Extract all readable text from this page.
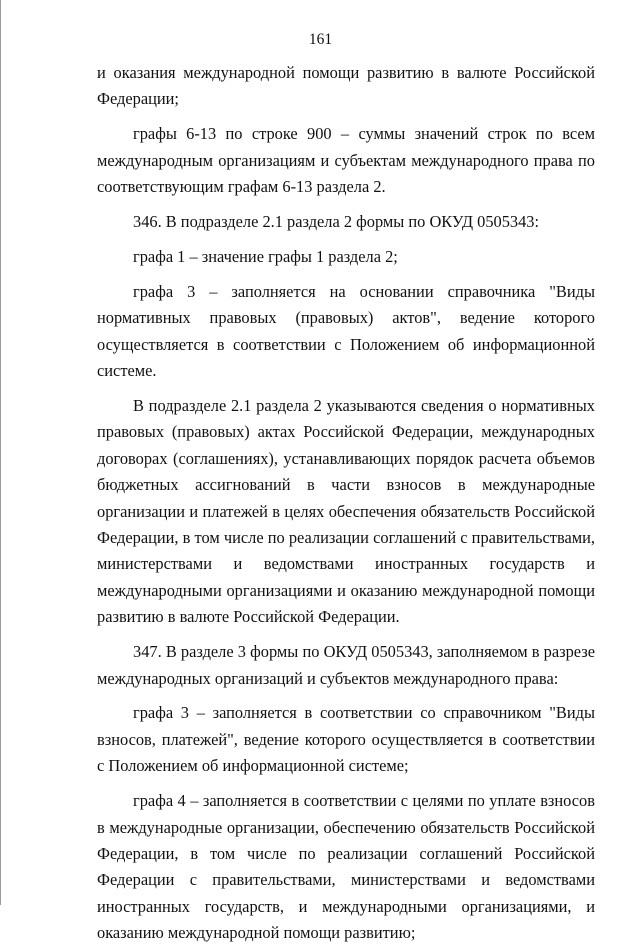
161

и оказания международной помощи развитию в валюте Российской Федерации;

графы 6-13 по строке 900 – суммы значений строк по всем международным организациям и субъектам международного права по соответствующим графам 6-13 раздела 2.

346. В подразделе 2.1 раздела 2 формы по ОКУД 0505343:

графа 1 – значение графы 1 раздела 2;

графа 3 – заполняется на основании справочника "Виды нормативных правовых (правовых) актов", ведение которого осуществляется в соответствии с Положением об информационной системе.

В подразделе 2.1 раздела 2 указываются сведения о нормативных правовых (правовых) актах Российской Федерации, международных договорах (соглашениях), устанавливающих порядок расчета объемов бюджетных ассигнований в части взносов в международные организации и платежей в целях обеспечения обязательств Российской Федерации, в том числе по реализации соглашений с правительствами, министерствами и ведомствами иностранных государств и международными организациями и оказанию международной помощи развитию в валюте Российской Федерации.

347. В разделе 3 формы по ОКУД 0505343, заполняемом в разрезе международных организаций и субъектов международного права:

графа 3 – заполняется в соответствии со справочником "Виды взносов, платежей", ведение которого осуществляется в соответствии с Положением об информационной системе;

графа 4 – заполняется в соответствии с целями по уплате взносов в международные организации, обеспечению обязательств Российской Федерации, в том числе по реализации соглашений Российской Федерации с правительствами, министерствами и ведомствами иностранных государств, и международными организациями, и оказанию международной помощи развитию;
